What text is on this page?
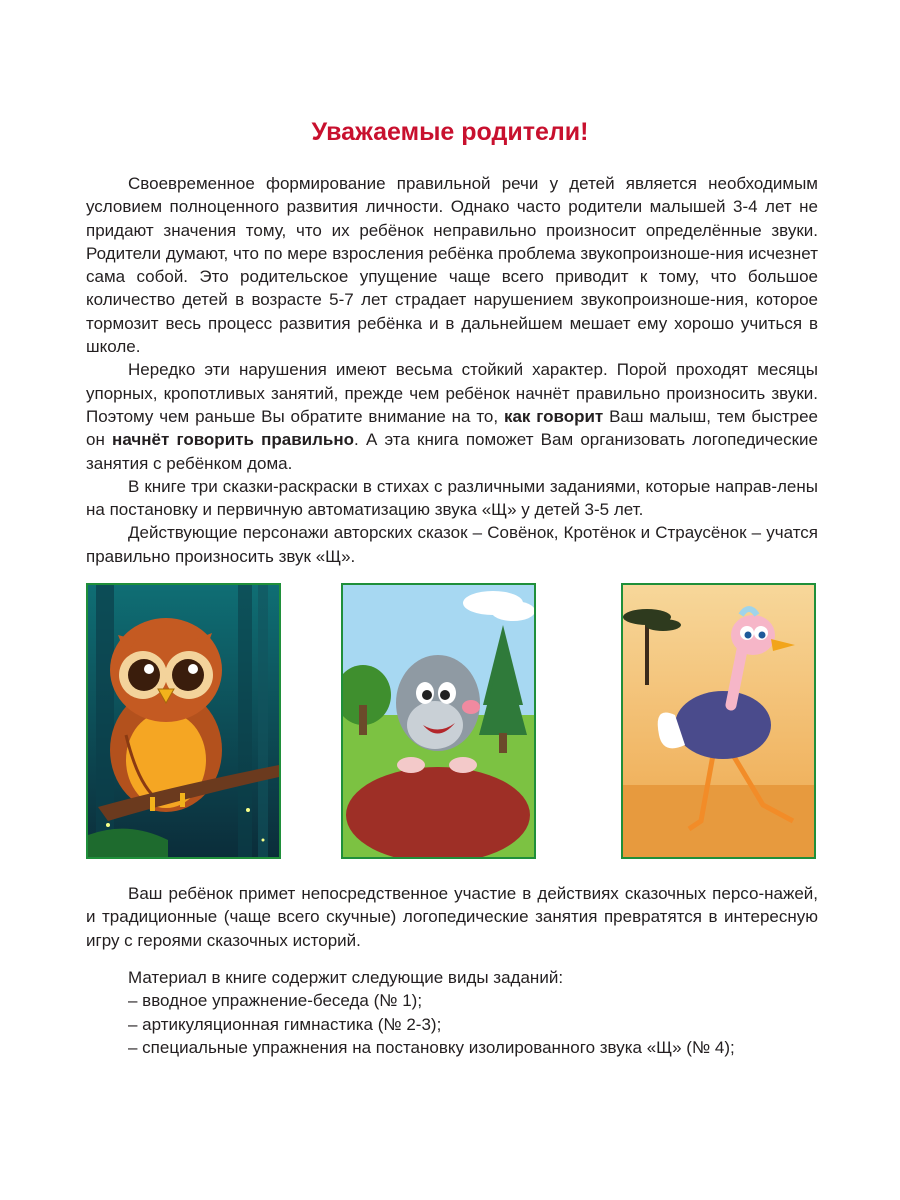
Уважаемые родители!

Своевременное формирование правильной речи у детей является необходимым условием полноценного развития личности. Однако часто родители малышей 3-4 лет не придают значения тому, что их ребёнок неправильно произносит определённые звуки. Родители думают, что по мере взросления ребёнка проблема звукопроизноше-ния исчезнет сама собой. Это родительское упущение чаще всего приводит к тому, что большое количество детей в возрасте 5-7 лет страдает нарушением звукопроизноше-ния, которое тормозит весь процесс развития ребёнка и в дальнейшем мешает ему хорошо учиться в школе.

Нередко эти нарушения имеют весьма стойкий характер. Порой проходят месяцы упорных, кропотливых занятий, прежде чем ребёнок начнёт правильно произносить звуки. Поэтому чем раньше Вы обратите внимание на то, как говорит Ваш малыш, тем быстрее он начнёт говорить правильно. А эта книга поможет Вам организовать логопедические занятия с ребёнком дома.

В книге три сказки-раскраски в стихах с различными заданиями, которые направ-лены на постановку и первичную автоматизацию звука «Щ» у детей 3-5 лет.

Действующие персонажи авторских сказок – Совёнок, Кротёнок и Страусёнок – учатся правильно произносить звук «Щ».

Ваш ребёнок примет непосредственное участие в действиях сказочных персо-нажей, и традиционные (чаще всего скучные) логопедические занятия превратятся в интересную игру с героями сказочных историй.

Материал в книге содержит следующие виды заданий:
– вводное упражнение-беседа (№ 1);
– артикуляционная гимнастика (№ 2-3);
– специальные упражнения на постановку изолированного звука «Щ» (№ 4);
